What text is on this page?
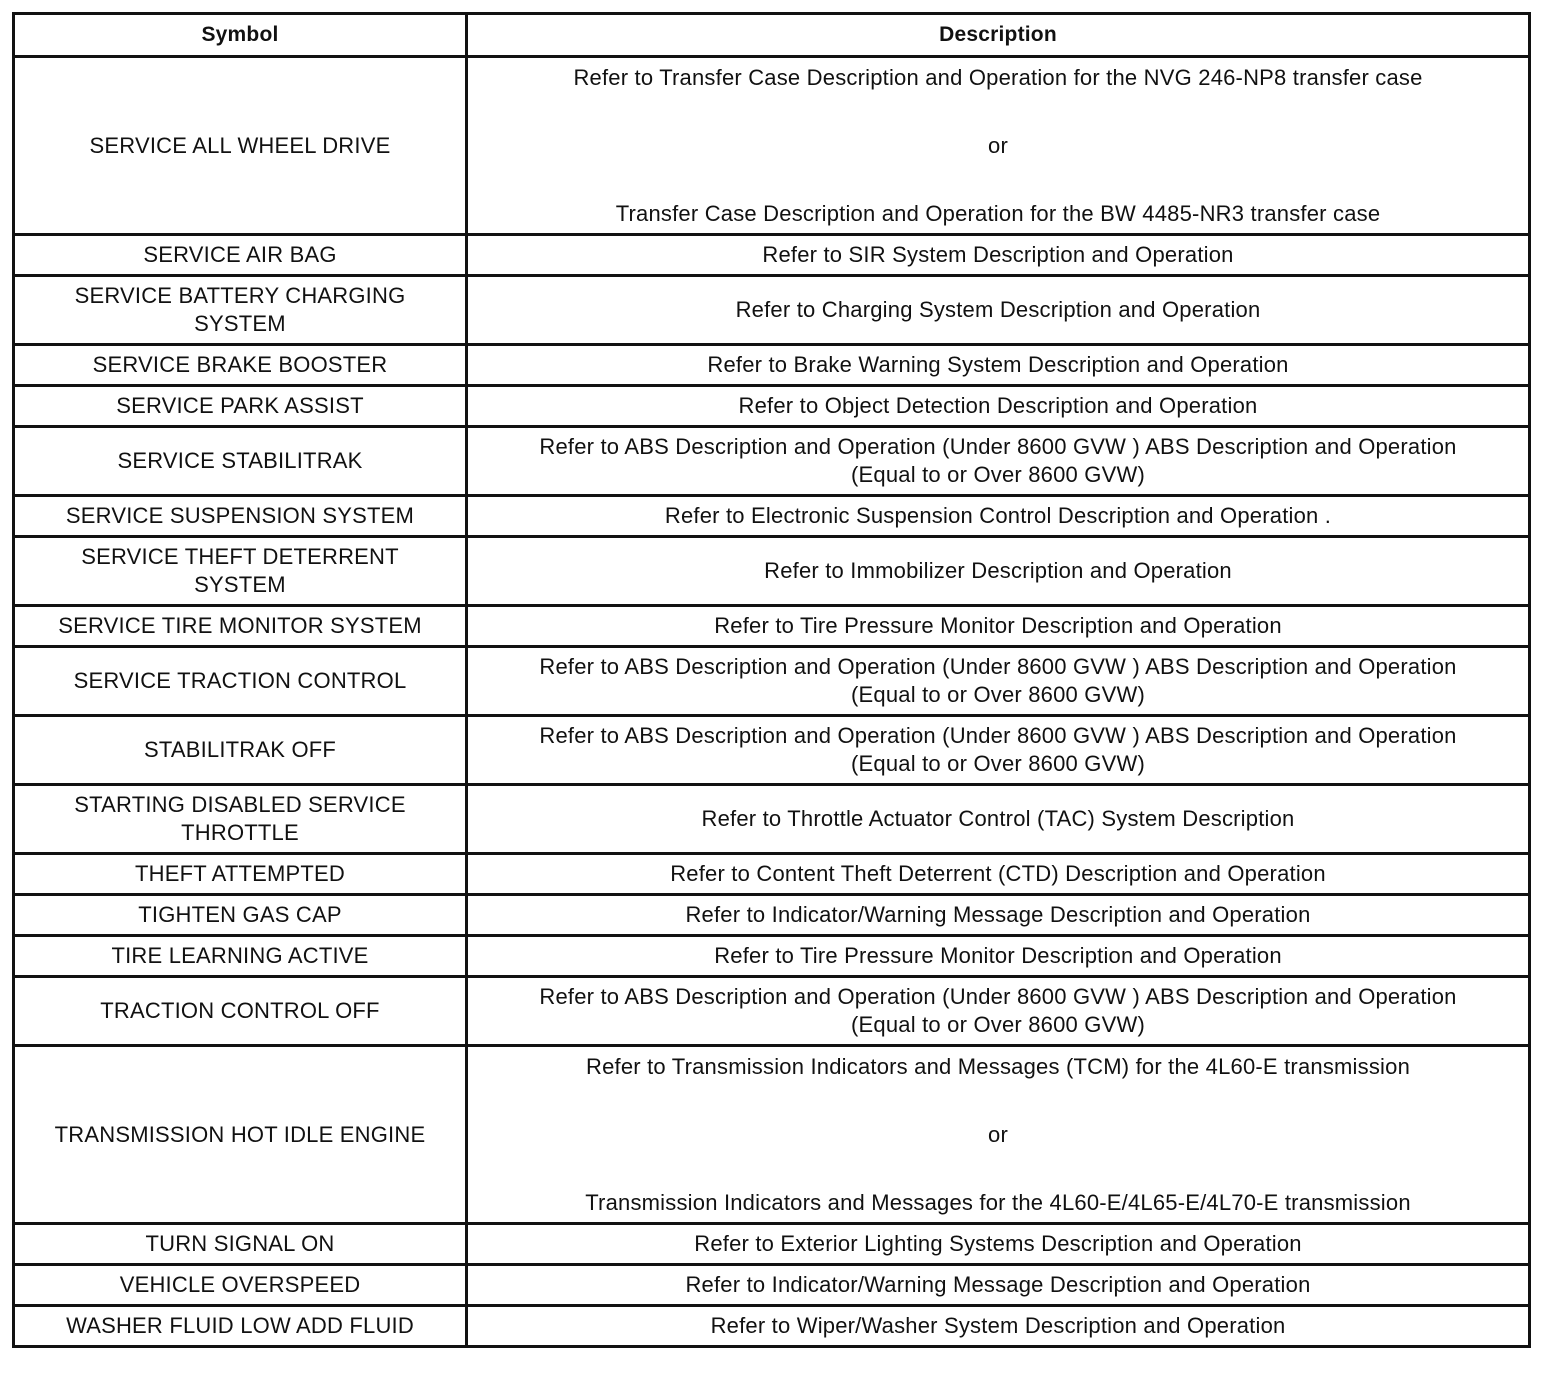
Symbol	Description
SERVICE ALL WHEEL DRIVE	Refer to Transfer Case Description and Operation for the NVG 246-NP8 transfer case
or
Transfer Case Description and Operation for the BW 4485-NR3 transfer case

SERVICE AIR BAG	Refer to SIR System Description and Operation

SERVICE BATTERY CHARGING
SYSTEM	Refer to Charging System Description and Operation
SERVICE BRAKE BOOSTER	Refer to Brake Warning System Description and Operation
SERVICE PARK ASSIST	Refer to Object Detection Description and Operation
SERVICE STABILITRAK	Refer to ABS Description and Operation (Under 8600 GVW ) ABS Description and Operation
(Equal to or Over 8600 GVW)

SERVICE SUSPENSION SYSTEM	Refer to Electronic Suspension Control Description and Operation .

SERVICE THEFT DETERRENT
SYSTEM	Refer to Immobilizer Description and Operation
SERVICE TIRE MONITOR SYSTEM	Refer to Tire Pressure Monitor Description and Operation
SERVICE TRACTION CONTROL	Refer to ABS Description and Operation (Under 8600 GVW ) ABS Description and Operation
(Equal to or Over 8600 GVW)

STABILITRAK OFF	Refer to ABS Description and Operation (Under 8600 GVW ) ABS Description and Operation
(Equal to or Over 8600 GVW)

STARTING DISABLED SERVICE
THROTTLE	Refer to Throttle Actuator Control (TAC) System Description
THEFT ATTEMPTED	Refer to Content Theft Deterrent (CTD) Description and Operation
TIGHTEN GAS CAP	Refer to Indicator/Warning Message Description and Operation
TIRE LEARNING ACTIVE	Refer to Tire Pressure Monitor Description and Operation
TRACTION CONTROL OFF	Refer to ABS Description and Operation (Under 8600 GVW ) ABS Description and Operation
(Equal to or Over 8600 GVW)

TRANSMISSION HOT IDLE ENGINE	Refer to Transmission Indicators and Messages (TCM) for the 4L60-E transmission
or
Transmission Indicators and Messages for the 4L60-E/4L65-E/4L70-E transmission

TURN SIGNAL ON	Refer to Exterior Lighting Systems Description and Operation
VEHICLE OVERSPEED	Refer to Indicator/Warning Message Description and Operation
WASHER FLUID LOW ADD FLUID	Refer to Wiper/Washer System Description and Operation
